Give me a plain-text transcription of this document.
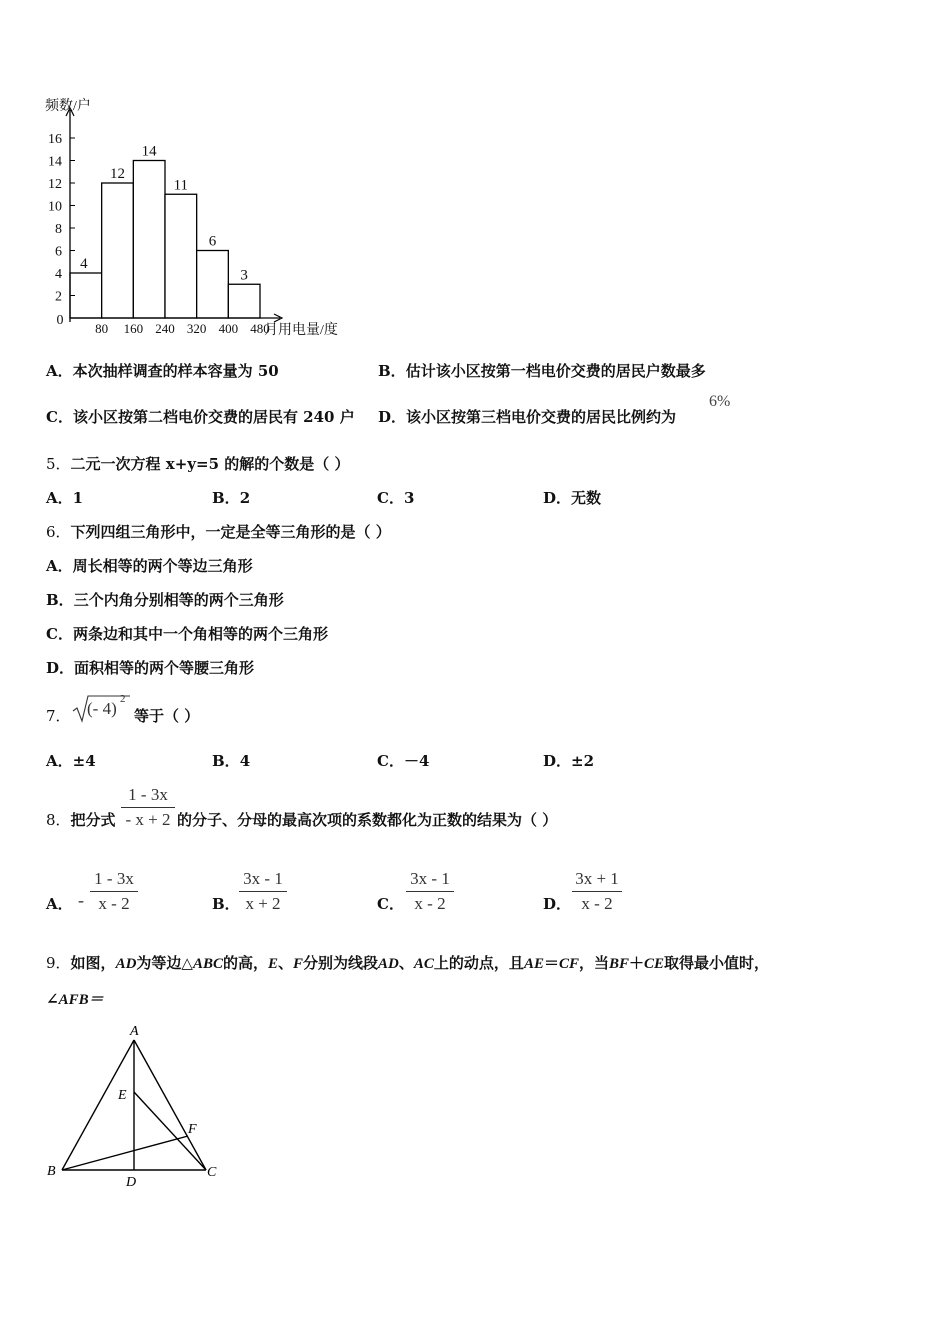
4
12
14
11
6
3
2
4
6
8
10
12
14
16
0
80 160 240 320 400 480
频数/户
月用电量/度
A．本次抽样调查的样本容量为 50	B．估计该小区按第一档电价交费的居民户数最多
C．该小区按第二档电价交费的居民有 240 户 D．该小区按第三档电价交费的居民比例约为
6%
5．二元一次方程 x+y=5 的解的个数是（ ）
A．1	B．2	C．3	D．无数
6．下列四组三角形中，一定是全等三角形的是（ ）
A．周长相等的两个等边三角形
B．三个内角分别相等的两个三角形
C．两条边和其中一个角相等的两个三角形
D．面积相等的两个等腰三角形
7． (- 4) 2
等于（ ）
A．±4	B．4	C．－4	D．±2
8．把分式
1 - 3x
- x + 2 的分子、分母的最高次项的系数都化为正数的结果为（ ）
A． -
1 - 3x
x - 2	B．
3x - 1
x + 2	C．
3x - 1
x - 2	D．
3x + 1
x - 2
9．如图，AD为等边△ABC的高，E、F分别为线段AD、AC上的动点，且AE＝CF，当BF＋CE取得最小值时，
∠AFB＝
A
B	C
D
E
F
